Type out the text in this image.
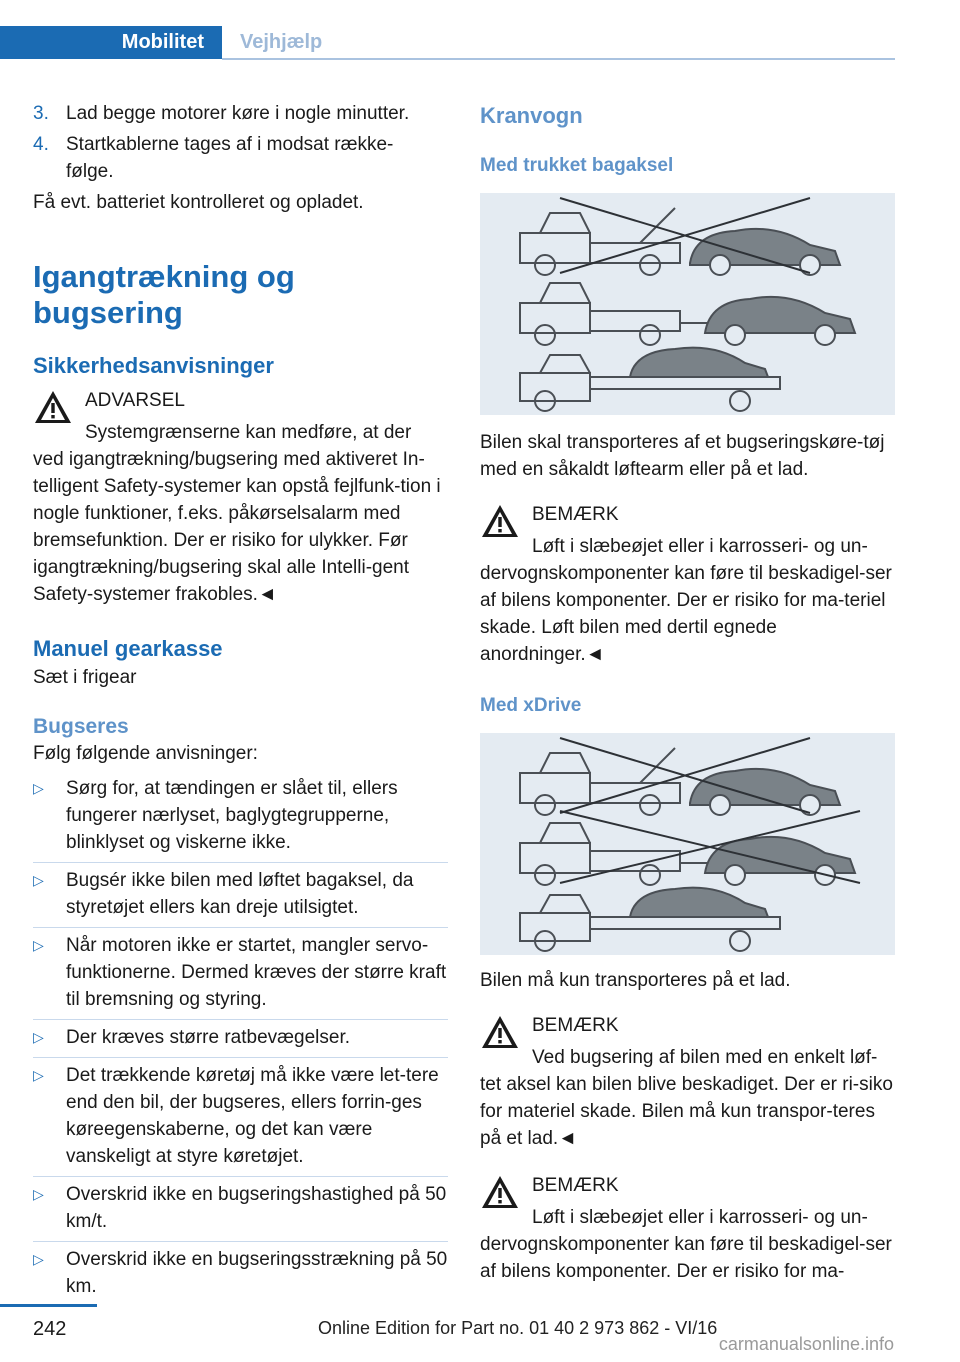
Mobilitet	Vejhjælp
3. Lad begge motorer køre i nogle minutter.
4. Startkablerne tages af i modsat række-
følge.

Få evt. batteriet kontrolleret og opladet.

Igangtrækning og bugsering
Sikkerhedsanvisninger
ADVARSEL
Systemgrænserne kan medføre, at der
ved igangtrækning/bugsering med aktiveret In-telligent Safety-systemer kan opstå fejlfunk-tion i nogle funktioner, f.eks. påkørselsalarm med bremsefunktion. Der er risiko for ulykker. Før igangtrækning/bugsering skal alle Intelli-gent Safety-systemer frakobles.◄
Manuel gearkasse

Sæt i frigear

Bugseres

Følg følgende anvisninger:

▷	Sørg for, at tændingen er slået til, ellers fungerer nærlyset, baglygtegrupperne, blinklyset og viskerne ikke.
▷	Bugsér ikke bilen med løftet bagaksel, da styretøjet ellers kan dreje utilsigtet.
▷	Når motoren ikke er startet, mangler servo-funktionerne. Dermed kræves der større kraft til bremsning og styring.
▷	Der kræves større ratbevægelser.
▷	Det trækkende køretøj må ikke være let-tere end den bil, der bugseres, ellers forrin-ges køreegenskaberne, og det kan være vanskeligt at styre køretøjet.
▷	Overskrid ikke en bugseringshastighed på 50 km/t.
▷	Overskrid ikke en bugseringsstrækning på 50 km.
Kranvogn
Med trukket bagaksel

Bilen skal transporteres af et bugseringskøre-tøj med en såkaldt løftearm eller på et lad.

BEMÆRK
Løft i slæbeøjet eller i karrosseri- og un-
dervognskomponenter kan føre til beskadigel-ser af bilens komponenter. Der er risiko for ma-teriel skade. Løft bilen med dertil egnede anordninger.◄
Med xDrive

Bilen må kun transporteres på et lad.

BEMÆRK
Ved bugsering af bilen med en enkelt løf-
tet aksel kan bilen blive beskadiget. Der er ri-siko for materiel skade. Bilen må kun transpor-teres på et lad.◄
BEMÆRK
Løft i slæbeøjet eller i karrosseri- og un-
dervognskomponenter kan føre til beskadigel-ser af bilens komponenter. Der er risiko for ma-
242	Online Edition for Part no. 01 40 2 973 862 - VI/16
carmanualsonline.info
